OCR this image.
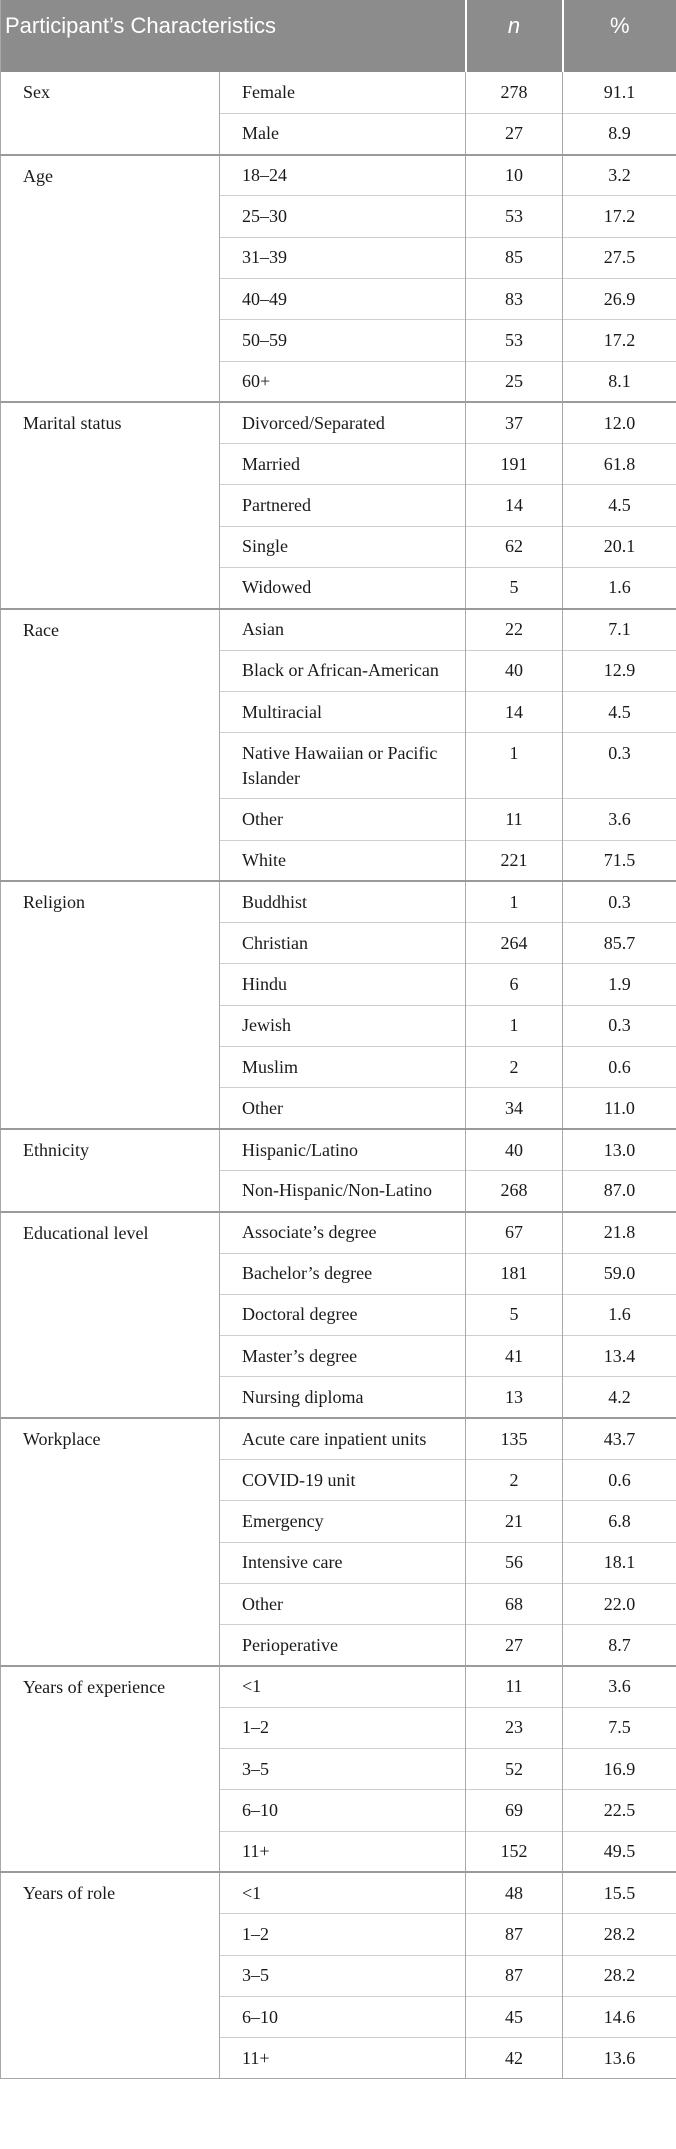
Participant’s Characteristics		n	%

Sex	Female	278	91.1
	Male	27	8.9
Age	18–24	10	3.2
	25–30	53	17.2
	31–39	85	27.5
	40–49	83	26.9
	50–59	53	17.2
	60+	25	8.1
Marital status	Divorced/Separated	37	12.0
	Married	191	61.8
	Partnered	14	4.5
	Single	62	20.1
	Widowed	5	1.6
Race	Asian	22	7.1
	Black or African-American	40	12.9
	Multiracial	14	4.5
	Native Hawaiian or Pacific Islander	1	0.3
	Other	11	3.6
	White	221	71.5
Religion	Buddhist	1	0.3
	Christian	264	85.7
	Hindu	6	1.9
	Jewish	1	0.3
	Muslim	2	0.6
	Other	34	11.0
Ethnicity	Hispanic/Latino	40	13.0
	Non-Hispanic/Non-Latino	268	87.0
Educational level	Associate’s degree	67	21.8
	Bachelor’s degree	181	59.0
	Doctoral degree	5	1.6
	Master’s degree	41	13.4
	Nursing diploma	13	4.2
Workplace	Acute care inpatient units	135	43.7
	COVID-19 unit	2	0.6
	Emergency	21	6.8
	Intensive care	56	18.1
	Other	68	22.0
	Perioperative	27	8.7
Years of experience	<1	11	3.6
	1–2	23	7.5
	3–5	52	16.9
	6–10	69	22.5
	11+	152	49.5
Years of role	<1	48	15.5
	1–2	87	28.2
	3–5	87	28.2
	6–10	45	14.6
	11+	42	13.6
